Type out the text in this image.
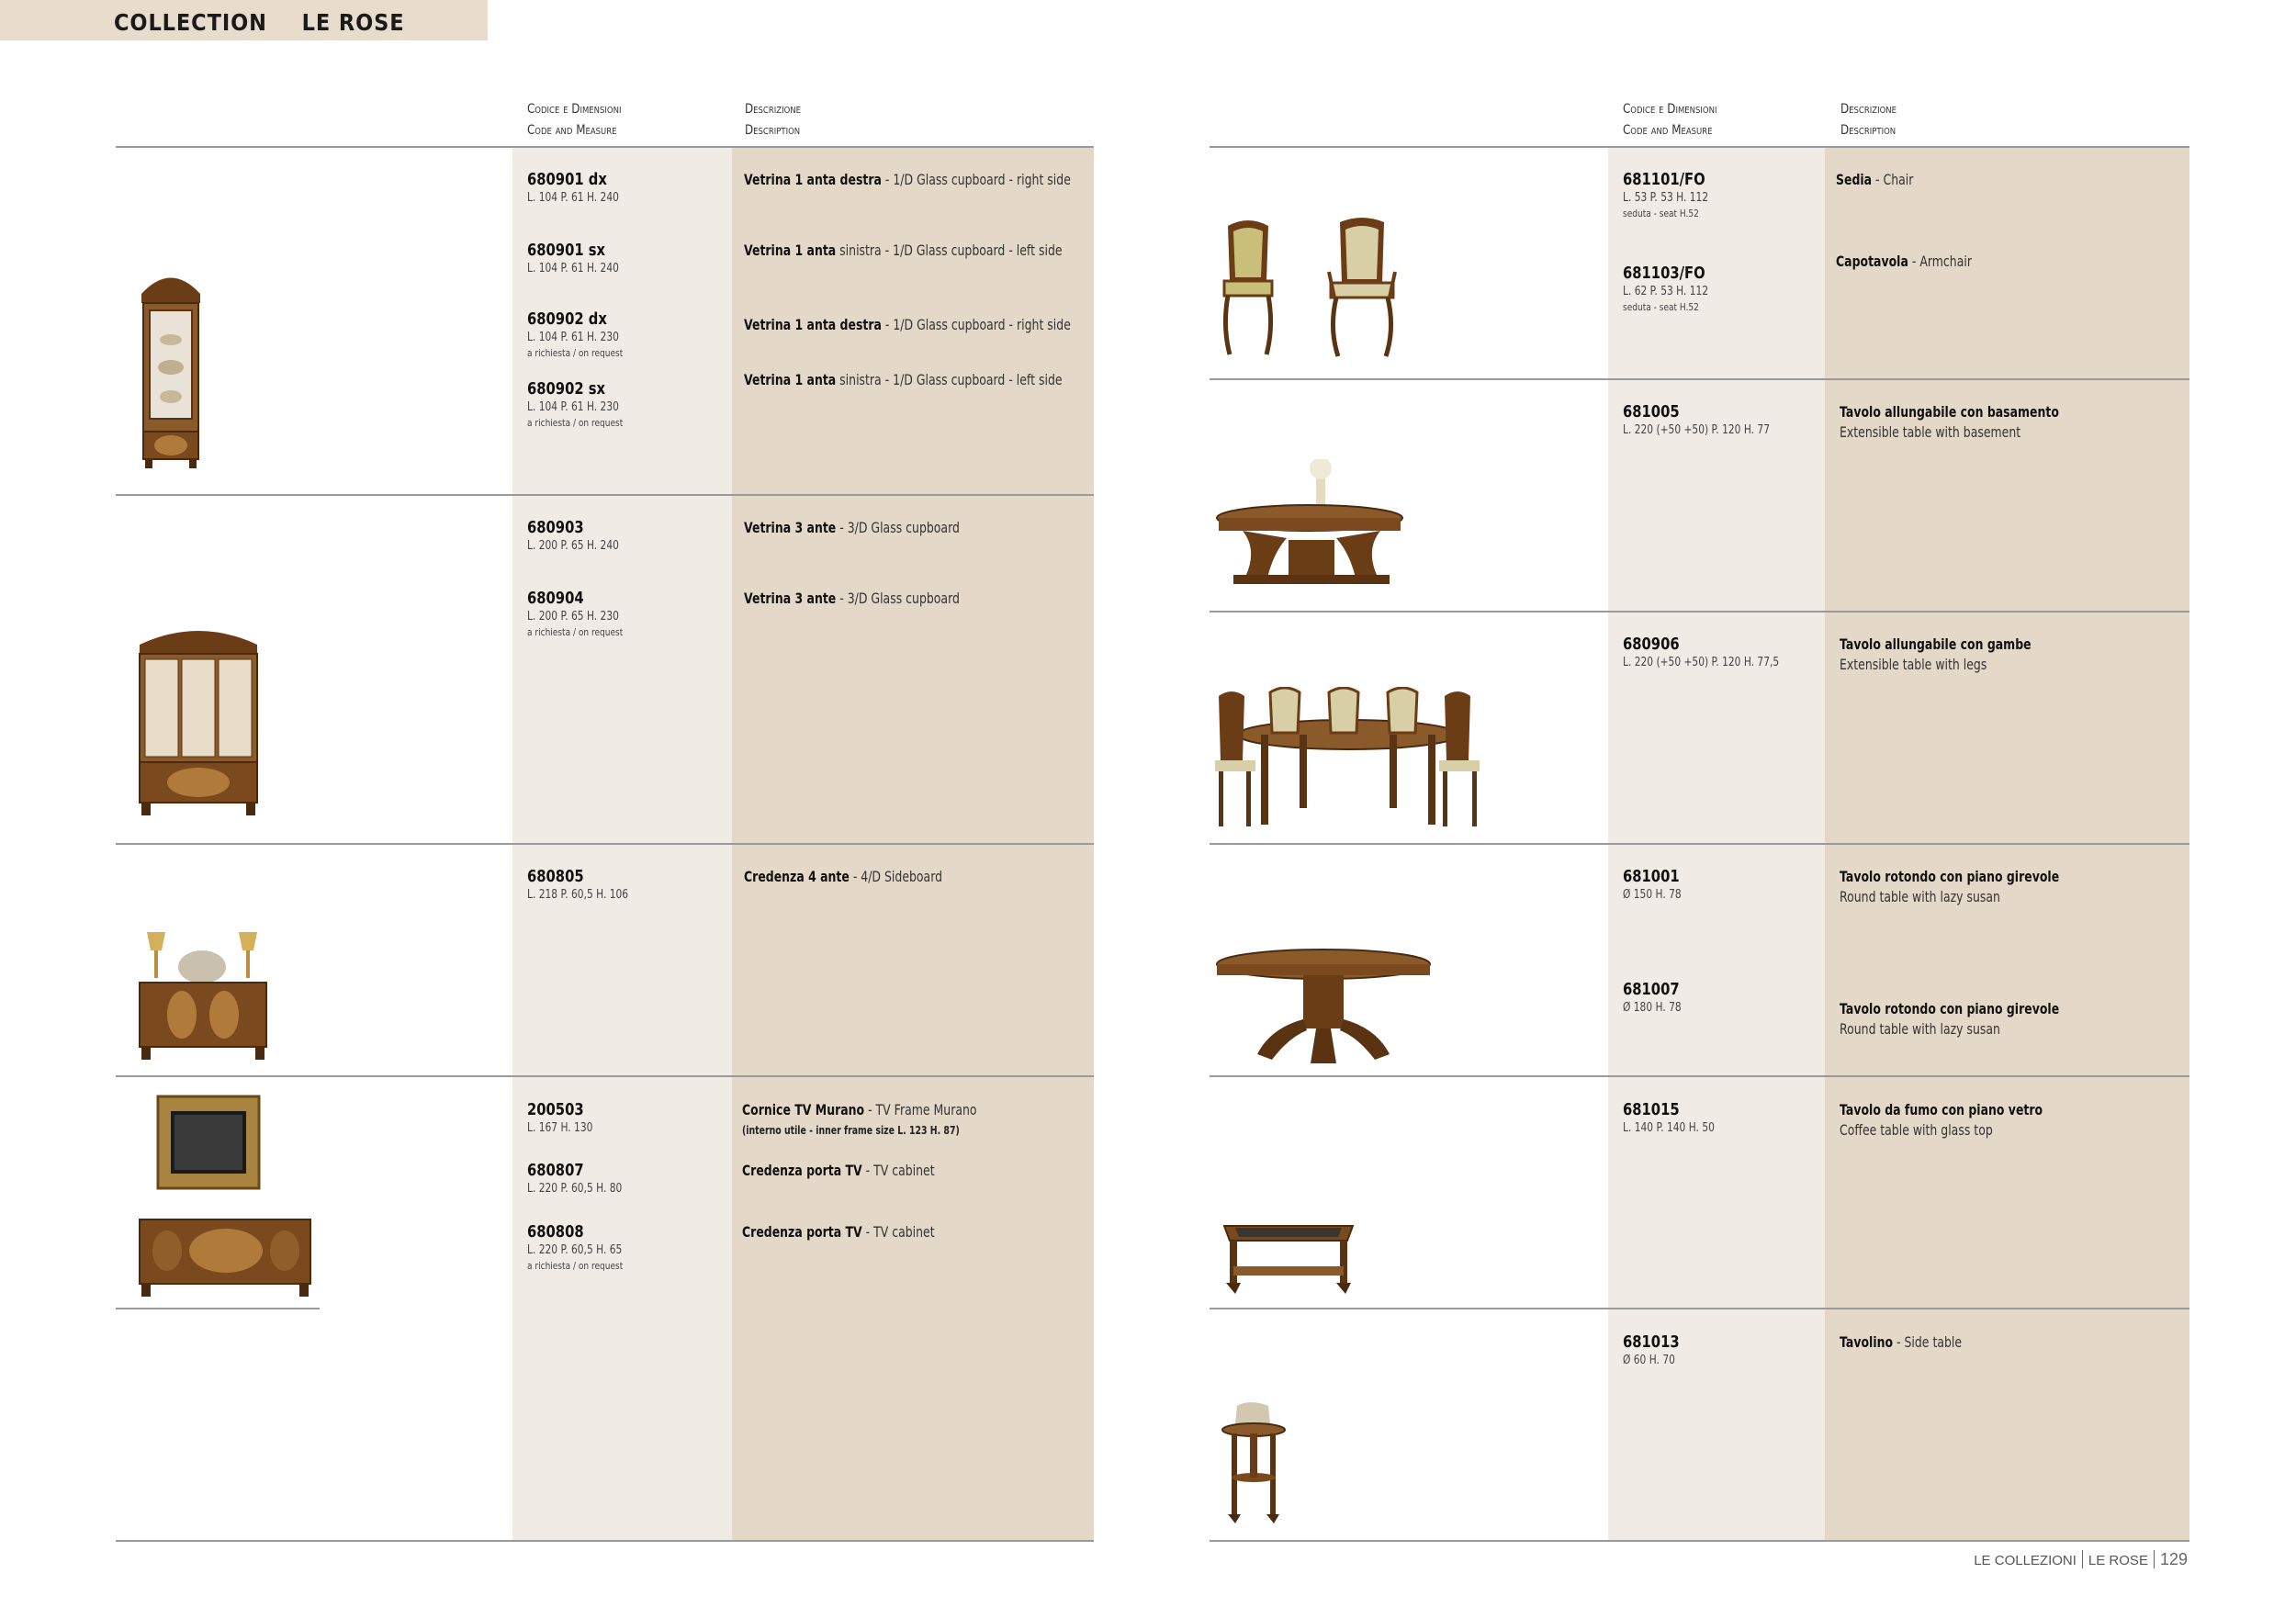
COLLECTION LE ROSE
Codice e Dimensioni
Code and Measure
Descrizione
Description
680901 dx
L. 104 P. 61 H. 240
Vetrina 1 anta destra - 1/D Glass cupboard - right side
680901 sx
L. 104 P. 61 H. 240
Vetrina 1 anta sinistra - 1/D Glass cupboard - left side
680902 dx
L. 104 P. 61 H. 230
a richiesta / on request
Vetrina 1 anta destra - 1/D Glass cupboard - right side
680902 sx
L. 104 P. 61 H. 230
a richiesta / on request
Vetrina 1 anta sinistra - 1/D Glass cupboard - left side
680903
L. 200 P. 65 H. 240
Vetrina 3 ante - 3/D Glass cupboard
680904
L. 200 P. 65 H. 230
a richiesta / on request
Vetrina 3 ante - 3/D Glass cupboard
680805
L. 218 P. 60,5 H. 106
Credenza 4 ante - 4/D Sideboard
200503
L. 167 H. 130
Cornice TV Murano - TV Frame Murano
(interno utile - inner frame size L. 123 H. 87)
680807
L. 220 P. 60,5 H. 80
Credenza porta TV - TV cabinet
680808
L. 220 P. 60,5 H. 65
a richiesta / on request
Credenza porta TV - TV cabinet
Codice e Dimensioni
Code and Measure
Descrizione
Description
681101/FO
L. 53 P. 53 H. 112
seduta - seat H.52
Sedia - Chair
681103/FO
L. 62 P. 53 H. 112
seduta - seat H.52
Capotavola - Armchair
681005
L. 220 (+50 +50) P. 120 H. 77
Tavolo allungabile con basamento
Extensible table with basement
680906
L. 220 (+50 +50) P. 120 H. 77,5
Tavolo allungabile con gambe
Extensible table with legs
681001
Ø 150 H. 78
Tavolo rotondo con piano girevole
Round table with lazy susan
681007
Ø 180 H. 78	Tavolo rotondo con piano girevole
Round table with lazy susan
681015
L. 140 P. 140 H. 50
Tavolo da fumo con piano vetro
Coffee table with glass top
681013
Ø 60 H. 70
Tavolino - Side table
LE COLLEZIONI LE ROSE 129
